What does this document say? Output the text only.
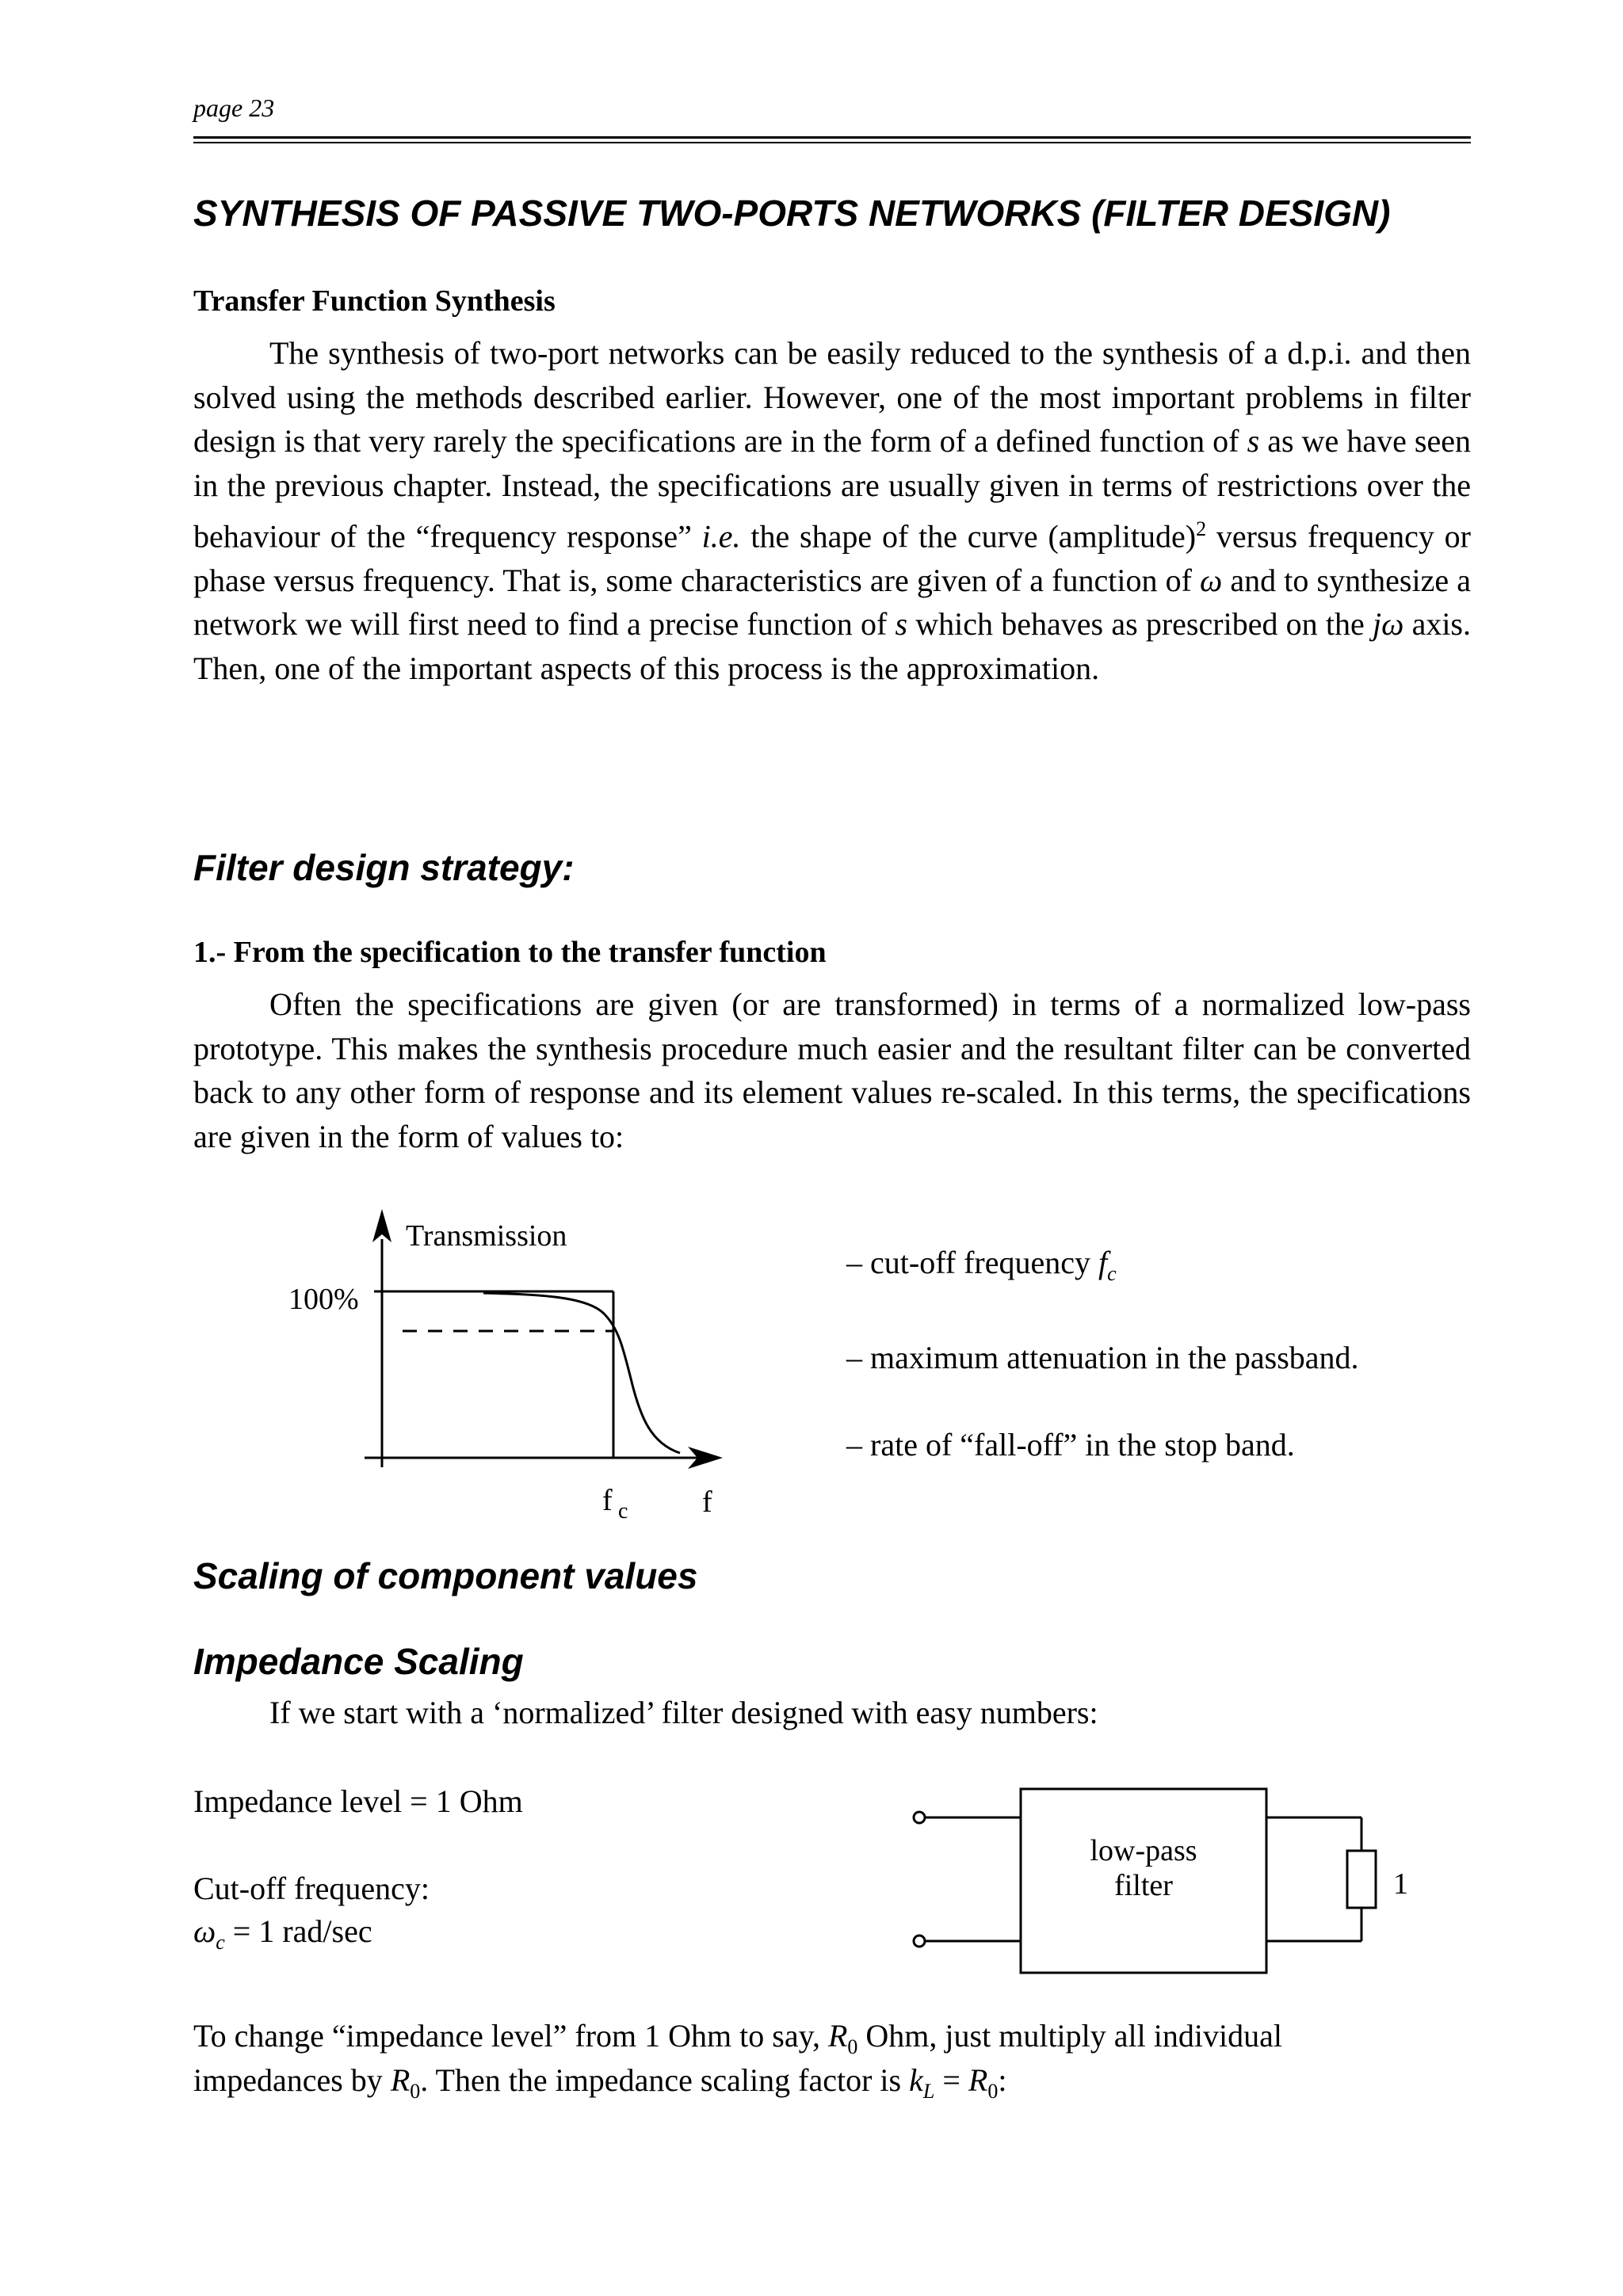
page 23
SYNTHESIS OF PASSIVE TWO-PORTS NETWORKS (FILTER DESIGN)
Transfer Function Synthesis
The synthesis of two-port networks can be easily reduced to the synthesis of a d.p.i. and then solved using the methods described earlier. However, one of the most important problems in filter design is that very rarely the specifications are in the form of a defined function of s as we have seen in the previous chapter. Instead, the specifications are usually given in terms of restrictions over the behaviour of the “frequency response” i.e. the shape of the curve (amplitude)$^2$ versus frequency or phase versus frequency. That is, some characteristics are given of a function of ω and to synthesize a network we will first need to find a precise function of s which behaves as prescribed on the jω axis. Then, one of the important aspects of this process is the approximation.
Filter design strategy:
1.- From the specification to the transfer function
Often the specifications are given (or are transformed) in terms of a normalized low-pass prototype. This makes the synthesis procedure much easier and the resultant filter can be converted back to any other form of response and its element values re-scaled. In this terms, the specifications are given in the form of values to:
Transmission
100%
f c f
low-pass
filter	1
– cut-off frequency $f_c$
– maximum attenuation in the passband.
– rate of “fall-off” in the stop band.
Scaling of component values
Impedance Scaling
If we start with a ‘normalized’ filter designed with easy numbers:
Impedance level = 1 Ohm
Cut-off frequency:
$\omega_c = 1$ rad/sec
To change “impedance level” from 1 Ohm to say, $R_0$ Ohm, just multiply all individual
impedances by $R_0$. Then the impedance scaling factor is $k_L = R_0$:
